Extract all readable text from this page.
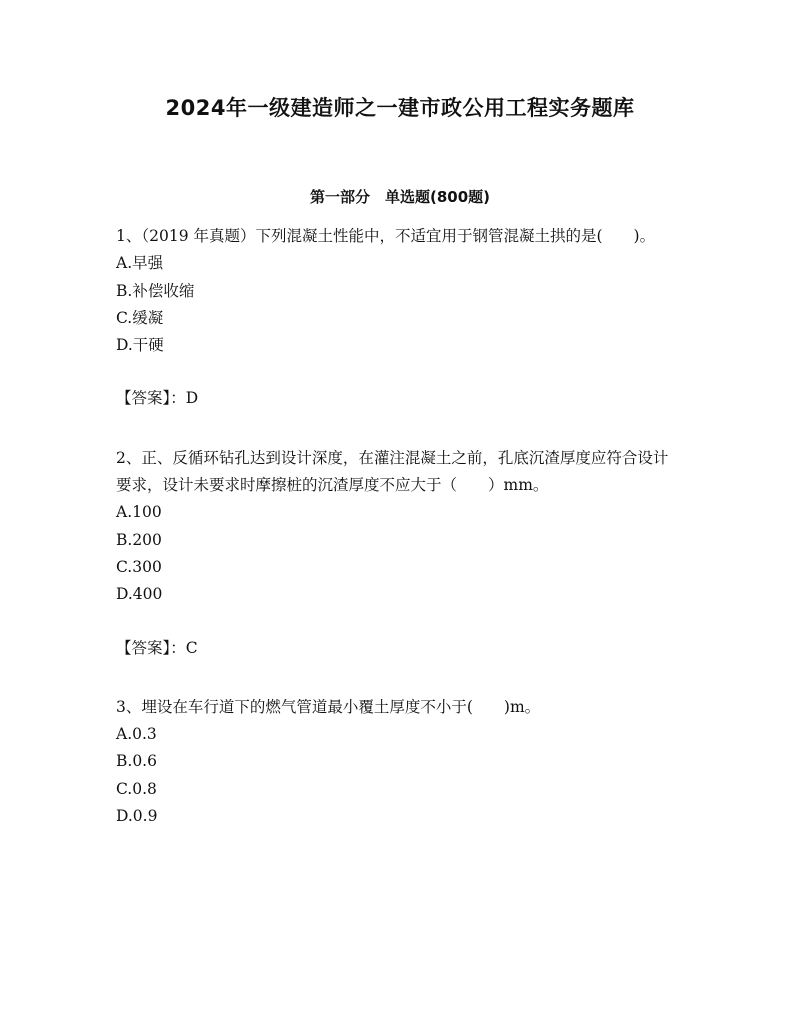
2024年一级建造师之一建市政公用工程实务题库
第一部分　单选题(800题)

1、（2019 年真题）下列混凝土性能中，不适宜用于钢管混凝土拱的是(　　)。

A.早强

B.补偿收缩

C.缓凝

D.干硬

【答案】：D

2、正、反循环钻孔达到设计深度，在灌注混凝土之前，孔底沉渣厚度应符合设计要求，设计未要求时摩擦桩的沉渣厚度不应大于（　　）mm。

A.100

B.200

C.300

D.400

【答案】：C

3、埋设在车行道下的燃气管道最小覆土厚度不小于(　　)m。

A.0.3

B.0.6

C.0.8

D.0.9
